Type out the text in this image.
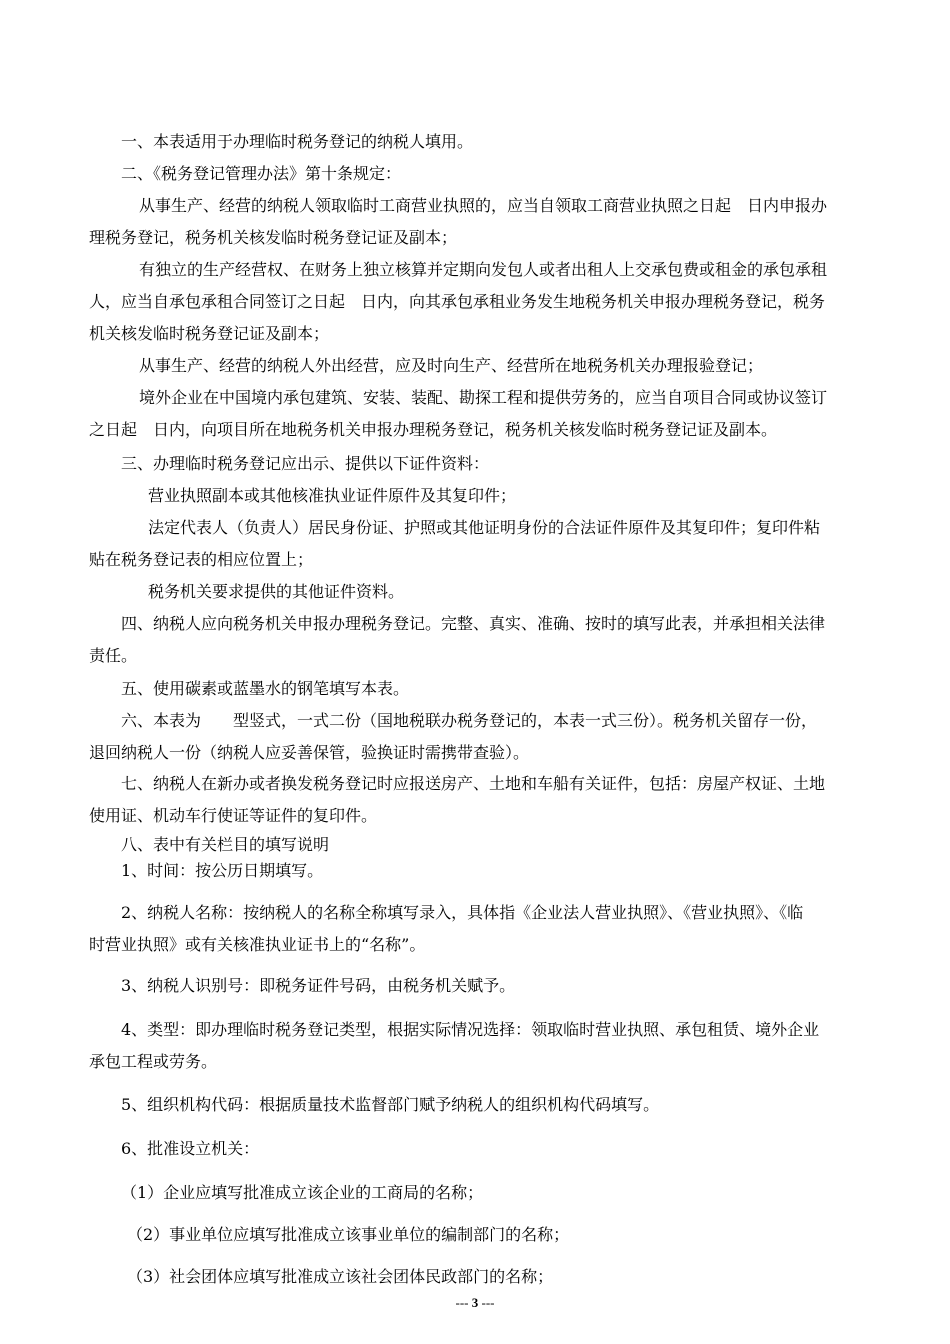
一、本表适用于办理临时税务登记的纳税人填用。

二、《税务登记管理办法》第十条规定：

从事生产、经营的纳税人领取临时工商营业执照的，应当自领取工商营业执照之日起　日内申报办
理税务登记，税务机关核发临时税务登记证及副本；

有独立的生产经营权、在财务上独立核算并定期向发包人或者出租人上交承包费或租金的承包承租
人，应当自承包承租合同签订之日起　日内，向其承包承租业务发生地税务机关申报办理税务登记，税务
机关核发临时税务登记证及副本；

从事生产、经营的纳税人外出经营，应及时向生产、经营所在地税务机关办理报验登记；

境外企业在中国境内承包建筑、安装、装配、勘探工程和提供劳务的，应当自项目合同或协议签订
之日起　日内，向项目所在地税务机关申报办理税务登记，税务机关核发临时税务登记证及副本。

三、办理临时税务登记应出示、提供以下证件资料：

营业执照副本或其他核准执业证件原件及其复印件；

法定代表人（负责人）居民身份证、护照或其他证明身份的合法证件原件及其复印件；复印件粘
贴在税务登记表的相应位置上；

税务机关要求提供的其他证件资料。

四、纳税人应向税务机关申报办理税务登记。完整、真实、准确、按时的填写此表，并承担相关法律
责任。

五、使用碳素或蓝墨水的钢笔填写本表。

六、本表为　　型竖式，一式二份（国地税联办税务登记的，本表一式三份）。税务机关留存一份，
退回纳税人一份（纳税人应妥善保管，验换证时需携带查验）。

七、纳税人在新办或者换发税务登记时应报送房产、土地和车船有关证件，包括：房屋产权证、土地
使用证、机动车行使证等证件的复印件。

八、表中有关栏目的填写说明

1、时间：按公历日期填写。

2、纳税人名称：按纳税人的名称全称填写录入，具体指《企业法人营业执照》、《营业执照》、《临
时营业执照》或有关核准执业证书上的“名称”。

3、纳税人识别号：即税务证件号码，由税务机关赋予。

4、类型：即办理临时税务登记类型，根据实际情况选择：领取临时营业执照、承包租赁、境外企业
承包工程或劳务。

5、组织机构代码：根据质量技术监督部门赋予纳税人的组织机构代码填写。

6、批准设立机关：

（1）企业应填写批准成立该企业的工商局的名称；

（2）事业单位应填写批准成立该事业单位的编制部门的名称；

（3）社会团体应填写批准成立该社会团体民政部门的名称；

--- 3 ---
